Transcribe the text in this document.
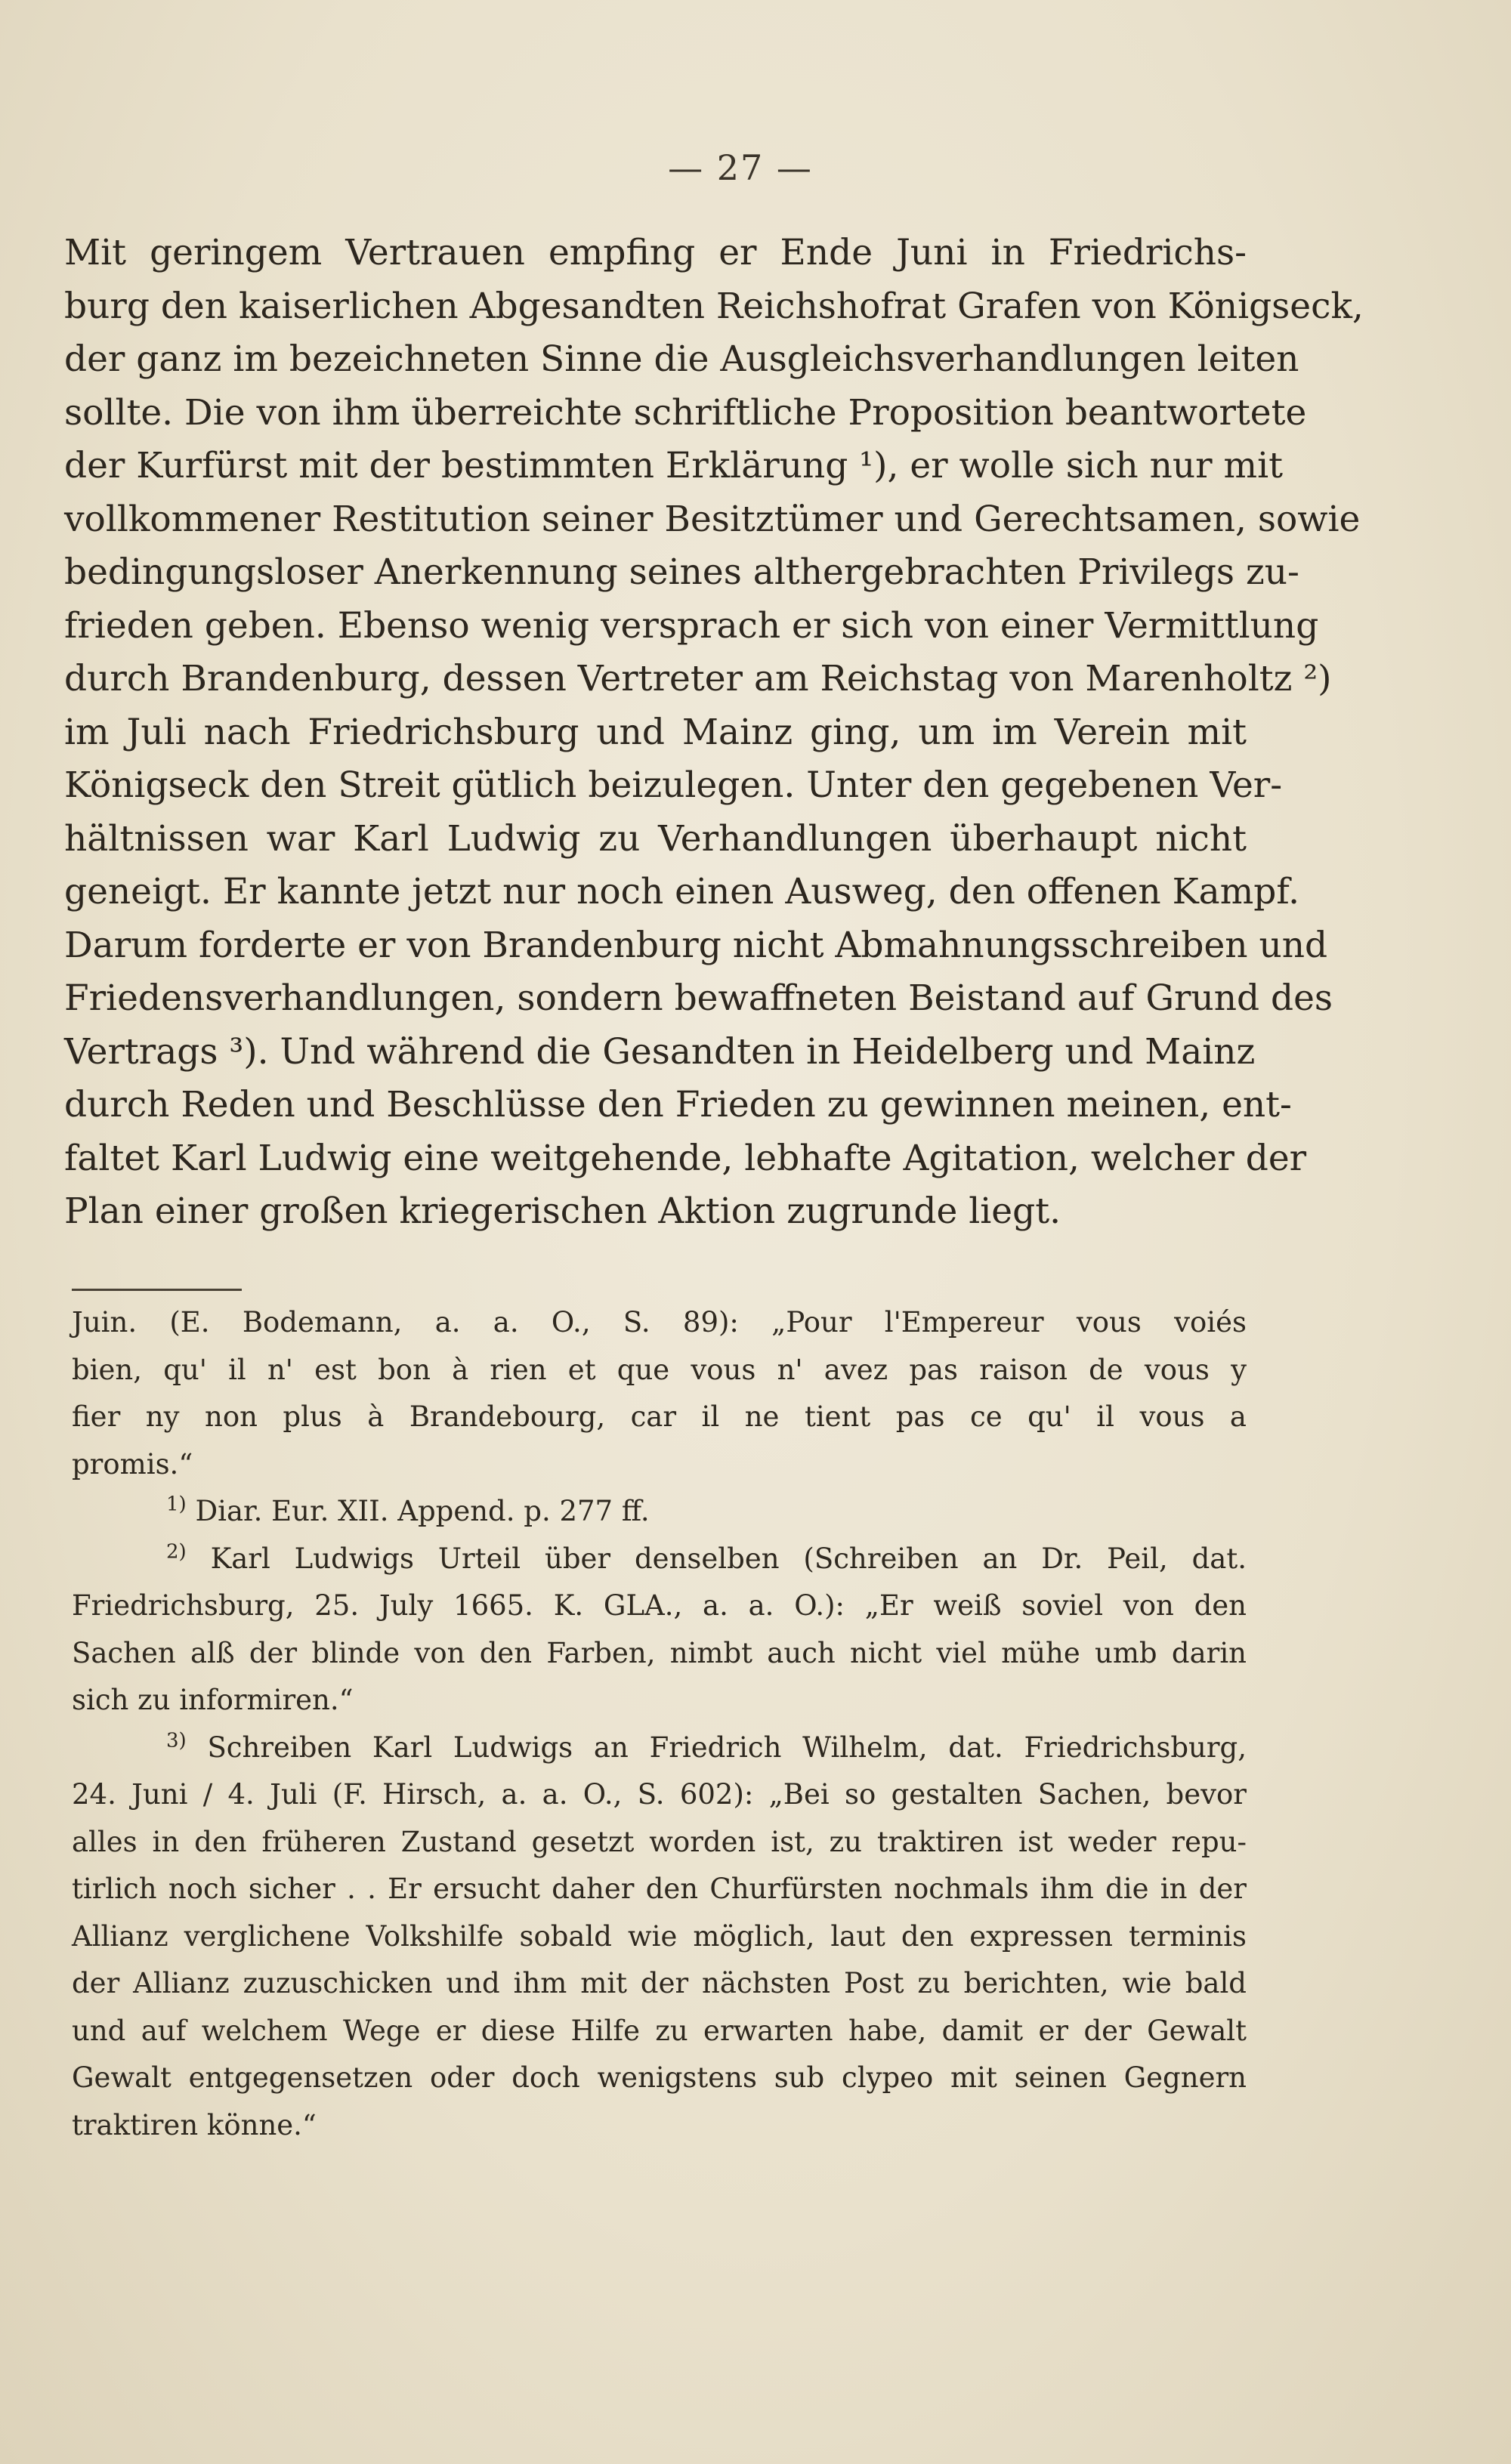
— 27 —
Mit geringem Vertrauen empfing er Ende Juni in Friedrichs-
burg den kaiserlichen Abgesandten Reichshofrat Grafen von Königseck,
der ganz im bezeichneten Sinne die Ausgleichsverhandlungen leiten
sollte. Die von ihm überreichte schriftliche Proposition beantwortete
der Kurfürst mit der bestimmten Erklärung ¹), er wolle sich nur mit
vollkommener Restitution seiner Besitztümer und Gerechtsamen, sowie
bedingungsloser Anerkennung seines althergebrachten Privilegs zu-
frieden geben. Ebenso wenig versprach er sich von einer Vermittlung
durch Brandenburg, dessen Vertreter am Reichstag von Marenholtz ²)
im Juli nach Friedrichsburg und Mainz ging, um im Verein mit
Königseck den Streit gütlich beizulegen. Unter den gegebenen Ver-
hältnissen war Karl Ludwig zu Verhandlungen überhaupt nicht
geneigt. Er kannte jetzt nur noch einen Ausweg, den offenen Kampf.
Darum forderte er von Brandenburg nicht Abmahnungsschreiben und
Friedensverhandlungen, sondern bewaffneten Beistand auf Grund des
Vertrags ³). Und während die Gesandten in Heidelberg und Mainz
durch Reden und Beschlüsse den Frieden zu gewinnen meinen, ent-
faltet Karl Ludwig eine weitgehende, lebhafte Agitation, welcher der
Plan einer großen kriegerischen Aktion zugrunde liegt.
Juin. (E. Bodemann, a. a. O., S. 89): „Pour l'Empereur vous voiés
bien, qu' il n' est bon à rien et que vous n' avez pas raison de vous y
fier ny non plus à Brandebourg, car il ne tient pas ce qu' il vous a
promis.“
$^{1)}$ Diar. Eur. XII. Append. p. 277 ff.
$^{2)}$ Karl Ludwigs Urteil über denselben (Schreiben an Dr. Peil, dat.
Friedrichsburg, 25. July 1665. K. GLA., a. a. O.): „Er weiß soviel von den
Sachen alß der blinde von den Farben, nimbt auch nicht viel mühe umb darin
sich zu informiren.“
$^{3)}$ Schreiben Karl Ludwigs an Friedrich Wilhelm, dat. Friedrichsburg,
24. Juni / 4. Juli (F. Hirsch, a. a. O., S. 602): „Bei so gestalten Sachen, bevor
alles in den früheren Zustand gesetzt worden ist, zu traktiren ist weder repu-
tirlich noch sicher . . Er ersucht daher den Churfürsten nochmals ihm die in der
Allianz verglichene Volkshilfe sobald wie möglich, laut den expressen terminis
der Allianz zuzuschicken und ihm mit der nächsten Post zu berichten, wie bald
und auf welchem Wege er diese Hilfe zu erwarten habe, damit er der Gewalt
Gewalt entgegensetzen oder doch wenigstens sub clypeo mit seinen Gegnern
traktiren könne.“
